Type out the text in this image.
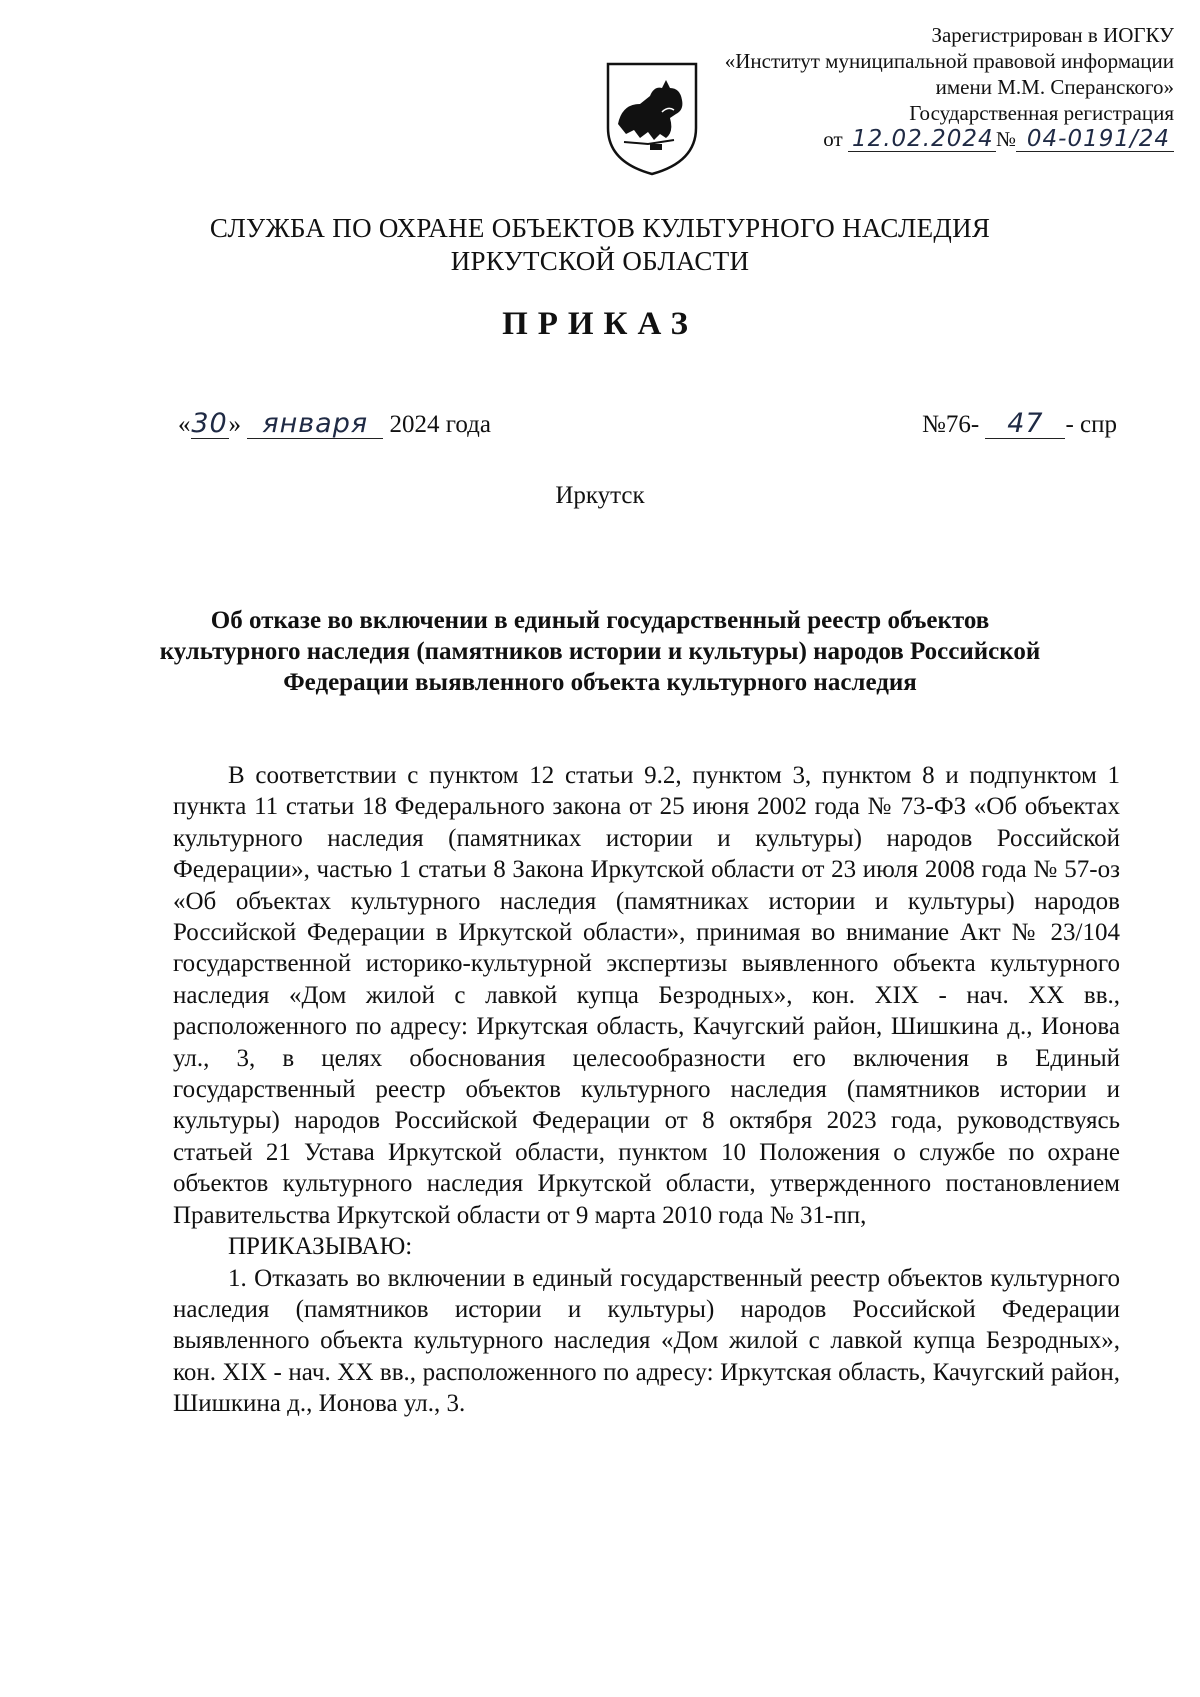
Зарегистрирован в ИОГКУ
«Институт муниципальной правовой информации
имени М.М. Сперанского»
Государственная регистрация
от 12.02.2024 № 04-0191/24
СЛУЖБА ПО ОХРАНЕ ОБЪЕКТОВ КУЛЬТУРНОГО НАСЛЕДИЯ
ИРКУТСКОЙ ОБЛАСТИ
ПРИКАЗ
«30» января 2024 года	№76- 47 - спр
Иркутск
Об отказе во включении в единый государственный реестр объектов культурного наследия (памятников истории и культуры) народов Российской Федерации выявленного объекта культурного наследия

В соответствии с пунктом 12 статьи 9.2, пунктом 3, пунктом 8 и подпунктом 1 пункта 11 статьи 18 Федерального закона от 25 июня 2002 года № 73-ФЗ «Об объектах культурного наследия (памятниках истории и культуры) народов Российской Федерации», частью 1 статьи 8 Закона Иркутской области от 23 июля 2008 года № 57-оз «Об объектах культурного наследия (памятниках истории и культуры) народов Российской Федерации в Иркутской области», принимая во внимание Акт № 23/104 государственной историко-культурной экспертизы выявленного объекта культурного наследия «Дом жилой с лавкой купца Безродных», кон. XIX - нач. XX вв., расположенного по адресу: Иркутская область, Качугский район, Шишкина д., Ионова ул., 3, в целях обоснования целесообразности его включения в Единый государственный реестр объектов культурного наследия (памятников истории и культуры) народов Российской Федерации от 8 октября 2023 года, руководствуясь статьей 21 Устава Иркутской области, пунктом 10 Положения о службе по охране объектов культурного наследия Иркутской области, утвержденного постановлением Правительства Иркутской области от 9 марта 2010 года № 31-пп,

ПРИКАЗЫВАЮ:

1. Отказать во включении в единый государственный реестр объектов культурного наследия (памятников истории и культуры) народов Российской Федерации выявленного объекта культурного наследия «Дом жилой с лавкой купца Безродных», кон. XIX - нач. XX вв., расположенного по адресу: Иркутская область, Качугский район, Шишкина д., Ионова ул., 3.
